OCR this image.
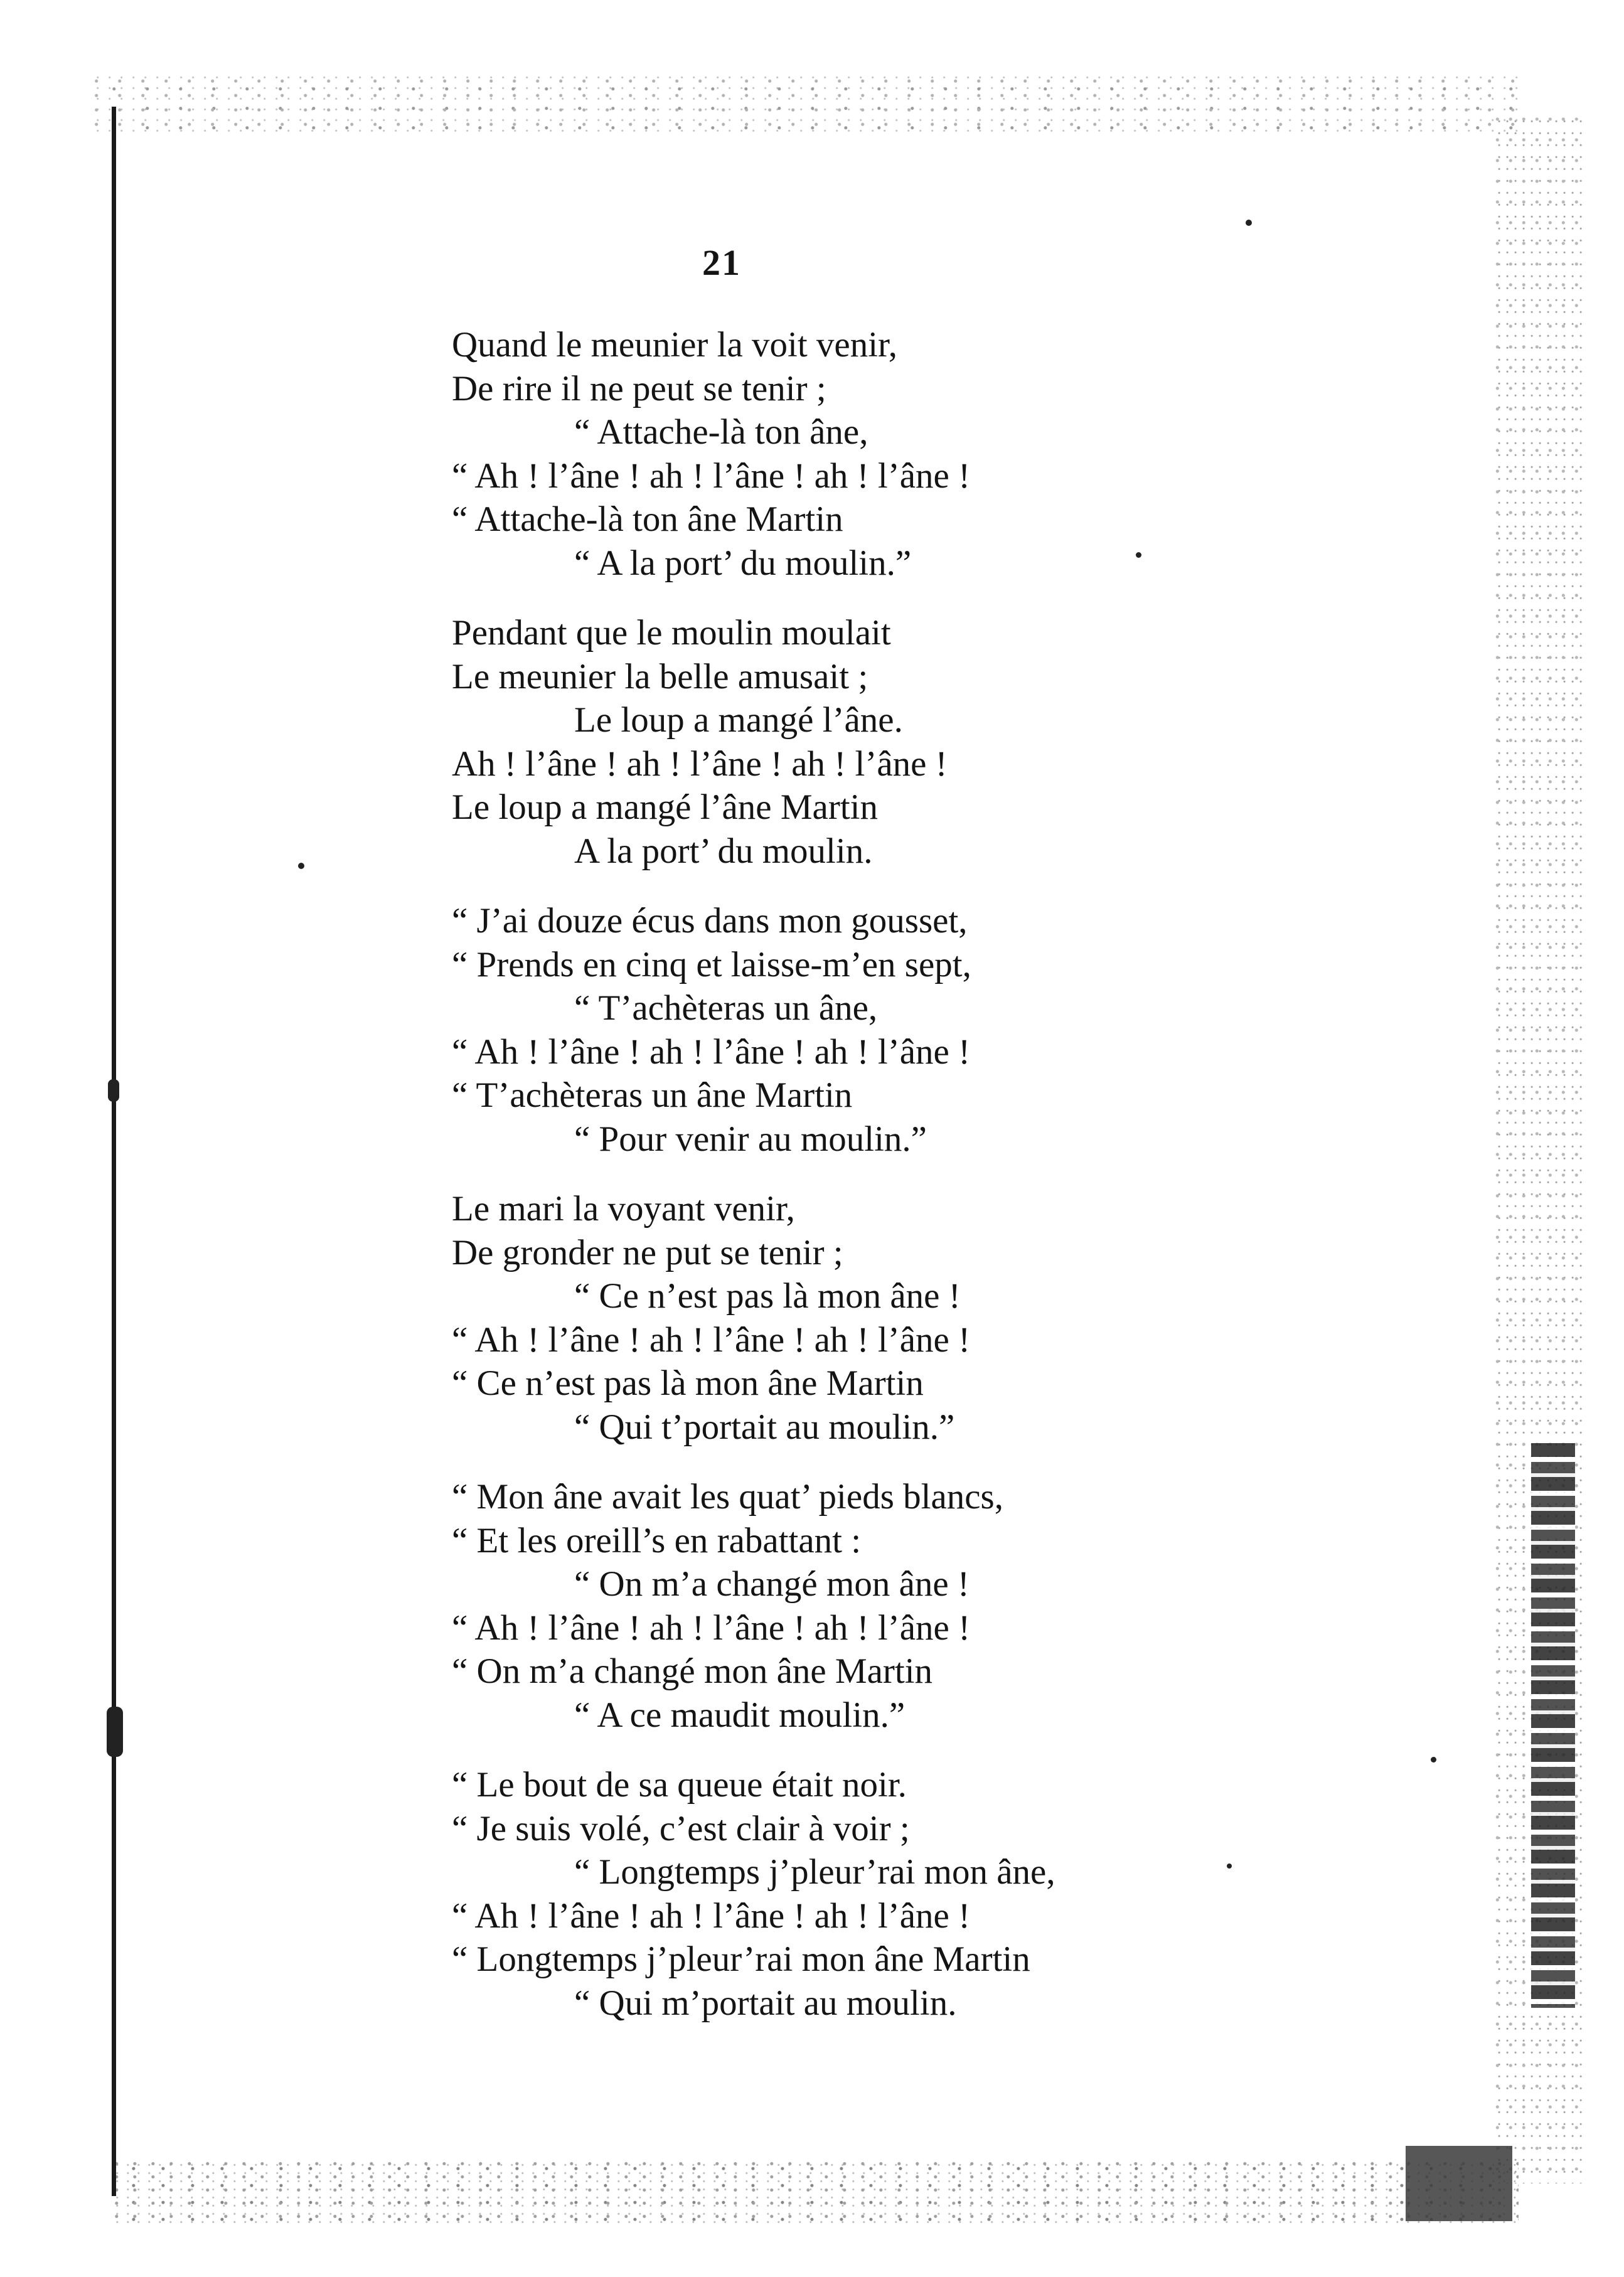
21
Quand le meunier la voit venir,
De rire il ne peut se tenir ;
“ Attache-là ton âne,
“ Ah ! l’âne ! ah ! l’âne ! ah ! l’âne !
“ Attache-là ton âne Martin
“ A la port’ du moulin.”
Pendant que le moulin moulait
Le meunier la belle amusait ;
Le loup a mangé l’âne.
Ah ! l’âne ! ah ! l’âne ! ah ! l’âne !
Le loup a mangé l’âne Martin
A la port’ du moulin.
“ J’ai douze écus dans mon gousset,
“ Prends en cinq et laisse-m’en sept,
“ T’achèteras un âne,
“ Ah ! l’âne ! ah ! l’âne ! ah ! l’âne !
“ T’achèteras un âne Martin
“ Pour venir au moulin.”
Le mari la voyant venir,
De gronder ne put se tenir ;
“ Ce n’est pas là mon âne !
“ Ah ! l’âne ! ah ! l’âne ! ah ! l’âne !
“ Ce n’est pas là mon âne Martin
“ Qui t’portait au moulin.”
“ Mon âne avait les quat’ pieds blancs,
“ Et les oreill’s en rabattant :
“ On m’a changé mon âne !
“ Ah ! l’âne ! ah ! l’âne ! ah ! l’âne !
“ On m’a changé mon âne Martin
“ A ce maudit moulin.”
“ Le bout de sa queue était noir.
“ Je suis volé, c’est clair à voir ;
“ Longtemps j’pleur’rai mon âne,
“ Ah ! l’âne ! ah ! l’âne ! ah ! l’âne !
“ Longtemps j’pleur’rai mon âne Martin
“ Qui m’portait au moulin.
